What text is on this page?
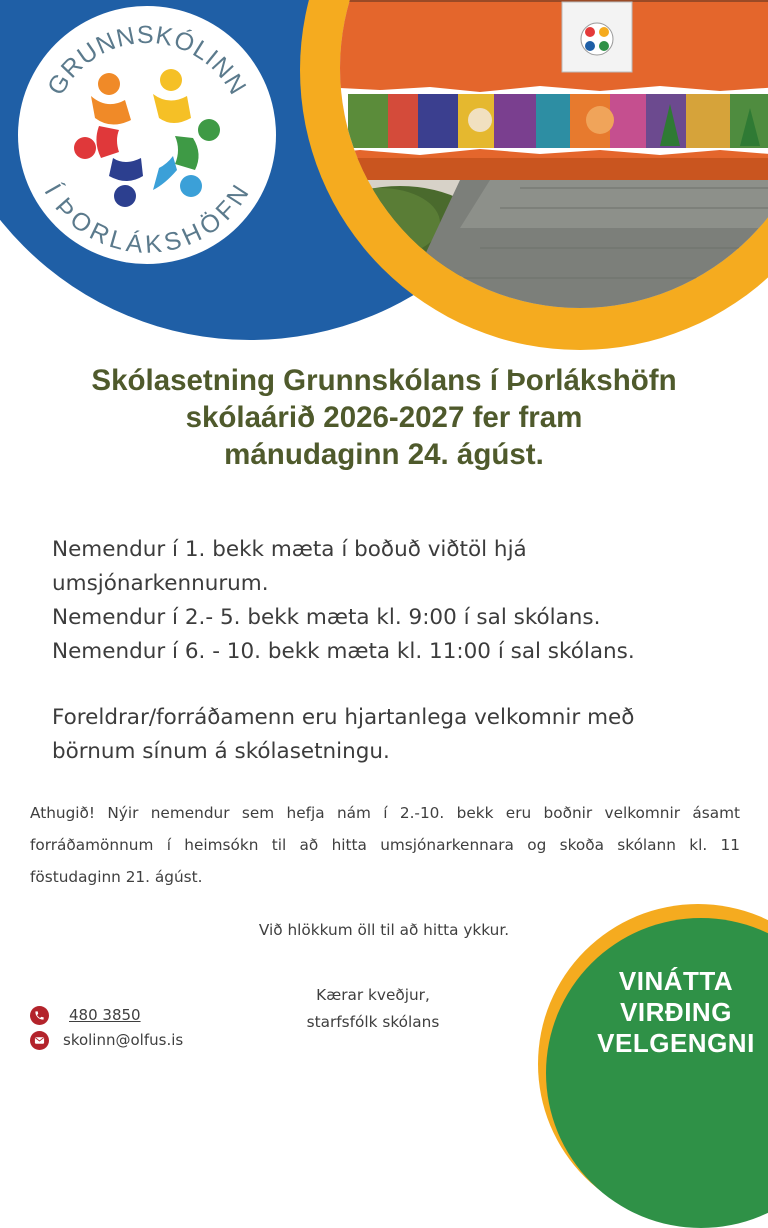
GRUNNSKÓLINN
Í ÞORLÁKSHÖFN
Skólasetning Grunnskólans í Þorlákshöfn
skólaárið 2026-2027 fer fram
mánudaginn 24. ágúst.
Nemendur í 1. bekk mæta í boðuð viðtöl hjá
umsjónarkennurum.
Nemendur í 2.- 5. bekk mæta kl. 9:00 í sal skólans.
Nemendur í 6. - 10. bekk mæta kl. 11:00 í sal skólans.
Foreldrar/forráðamenn eru hjartanlega velkomnir með
börnum sínum á skólasetningu.

Athugið! Nýir nemendur sem hefja nám í 2.-10. bekk eru boðnir velkomnir ásamt forráðamönnum í heimsókn til að hitta umsjónarkennara og skoða skólann kl. 11 föstudaginn 21. ágúst.

Við hlökkum öll til að hitta ykkur.
Kærar kveðjur,
starfsfólk skólans
480 3850
skolinn@olfus.is
VINÁTTA
VIRÐING
VELGENGNI
